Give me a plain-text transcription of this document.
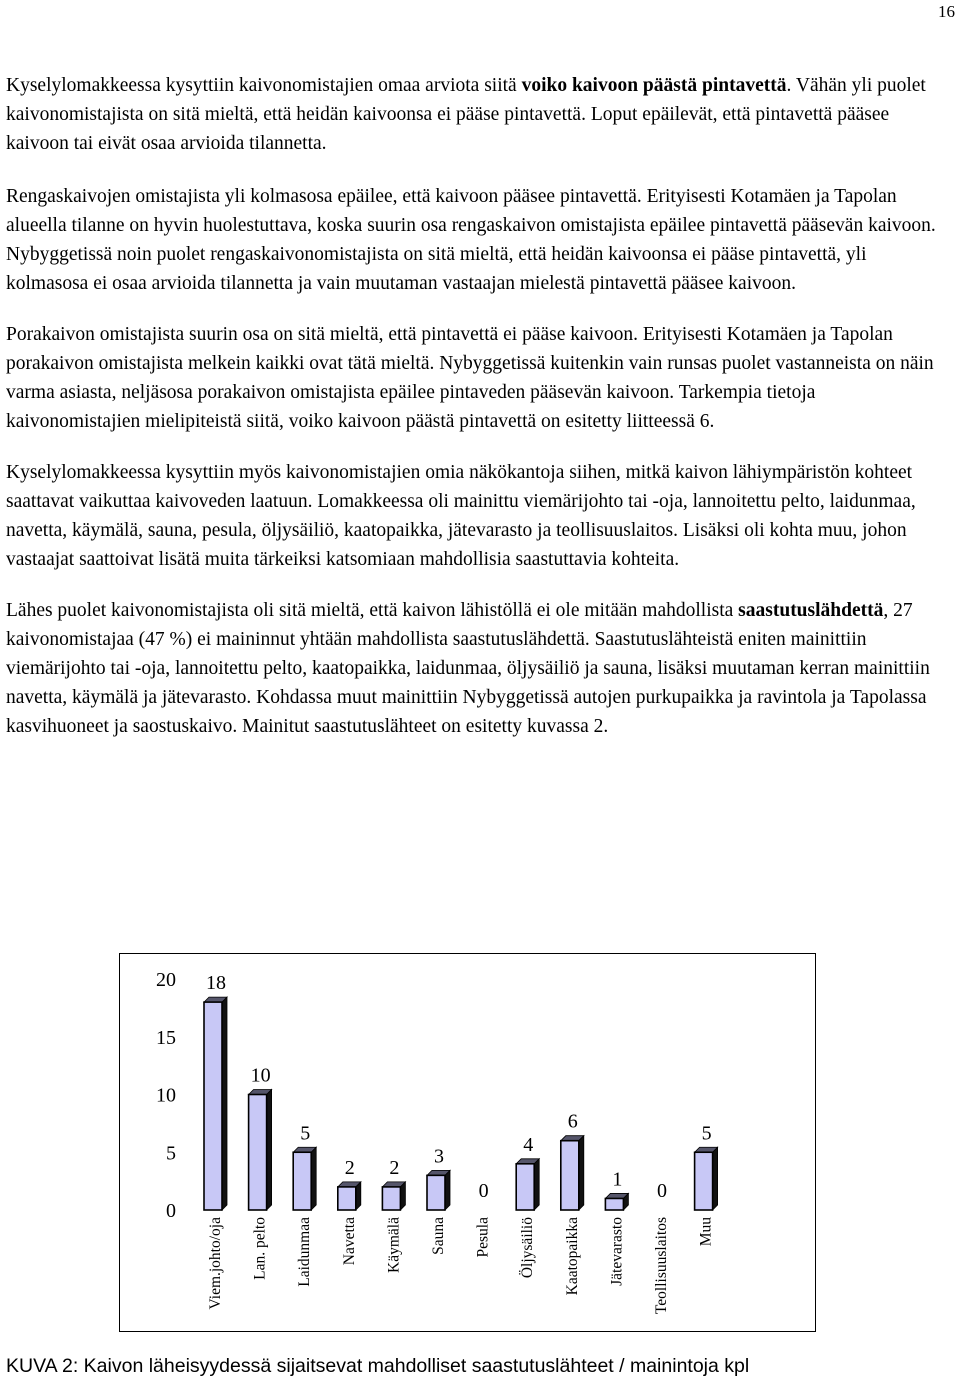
16

Kyselylomakkeessa kysyttiin kaivonomistajien omaa arviota siitä voiko kaivoon päästä pintavettä. Vähän yli puolet kaivonomistajista on sitä mieltä, että heidän kaivoonsa ei pääse pintavettä. Loput epäilevät, että pintavettä pääsee kaivoon tai eivät osaa arvioida tilannetta.

Rengaskaivojen omistajista yli kolmasosa epäilee, että kaivoon pääsee pintavettä. Erityisesti Kotamäen ja Tapolan alueella tilanne on hyvin huolestuttava, koska suurin osa rengaskaivon omistajista epäilee pintavettä pääsevän kaivoon. Nybyggetissä noin puolet rengaskaivonomistajista on sitä mieltä, että heidän kaivoonsa ei pääse pintavettä, yli kolmasosa ei osaa arvioida tilannetta ja vain muutaman vastaajan mielestä pintavettä pääsee kaivoon.

Porakaivon omistajista suurin osa on sitä mieltä, että pintavettä ei pääse kaivoon. Erityisesti Kotamäen ja Tapolan porakaivon omistajista melkein kaikki ovat tätä mieltä. Nybyggetissä kuitenkin vain runsas puolet vastanneista on näin varma asiasta, neljäsosa porakaivon omistajista epäilee pintaveden pääsevän kaivoon. Tarkempia tietoja kaivonomistajien mielipiteistä siitä, voiko kaivoon päästä pintavettä on esitetty liitteessä 6.

Kyselylomakkeessa kysyttiin myös kaivonomistajien omia näkökantoja siihen, mitkä kaivon lähiympäristön kohteet saattavat vaikuttaa kaivoveden laatuun. Lomakkeessa oli mainittu viemärijohto tai -oja, lannoitettu pelto, laidunmaa, navetta, käymälä, sauna, pesula, öljysäiliö, kaatopaikka, jätevarasto ja teollisuuslaitos. Lisäksi oli kohta muu, johon vastaajat saattoivat lisätä muita tärkeiksi katsomiaan mahdollisia saastuttavia kohteita.

Lähes puolet kaivonomistajista oli sitä mieltä, että kaivon lähistöllä ei ole mitään mahdollista saastutuslähdettä, 27 kaivonomistajaa (47 %) ei maininnut yhtään mahdollista saastutuslähdettä. Saastutuslähteistä eniten mainittiin viemärijohto tai -oja, lannoitettu pelto, kaatopaikka, laidunmaa, öljysäiliö ja sauna, lisäksi muutaman kerran mainittiin navetta, käymälä ja jätevarasto. Kohdassa muut mainittiin Nybyggetissä autojen purkupaikka ja ravintola ja Tapolassa kasvihuoneet ja saostuskaivo. Mainitut saastutuslähteet on esitetty kuvassa 2.

0
5
10
15
20 18
Viem.johto/oja
10
Lan. pelto
5
Laidunmaa
2
Navetta
2
Käymälä
3
Sauna
0
Pesula
4
Öljysäiliö
6
Kaatopaikka
1
Jätevarasto
0
Teollisuuslaitos
5
Muu
KUVA 2: Kaivon läheisyydessä sijaitsevat mahdolliset saastutuslähteet / mainintoja kpl
